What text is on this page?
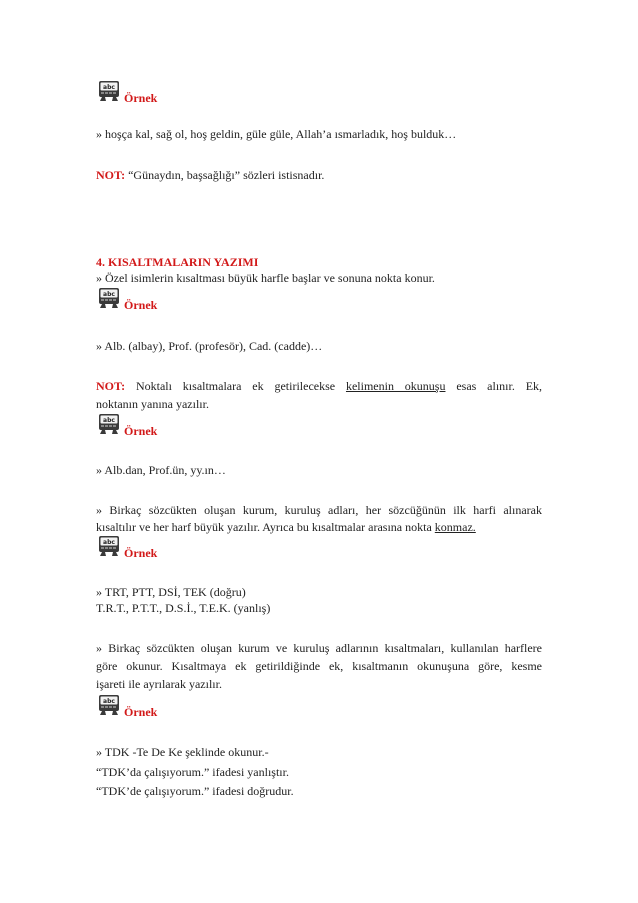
abc
Örnek
» hoşça kal, sağ ol, hoş geldin, güle güle, Allah’a ısmarladık, hoş bulduk…
NOT: “Günaydın, başsağlığı” sözleri istisnadır.
4. KISALTMALARIN YAZIMI
» Özel isimlerin kısaltması büyük harfle başlar ve sonuna nokta konur.
abc
Örnek
» Alb. (albay), Prof. (profesör), Cad. (cadde)…
NOT: Noktalı kısaltmalara ek getirilecekse kelimenin okunuşu esas alınır. Ek,
noktanın yanına yazılır.
abc
Örnek
» Alb.dan, Prof.ün, yy.ın…
» Birkaç sözcükten oluşan kurum, kuruluş adları, her sözcüğünün ilk harfi alınarak
kısaltılır ve her harf büyük yazılır. Ayrıca bu kısaltmalar arasına nokta konmaz.
abc
Örnek
» TRT, PTT, DSİ, TEK (doğru)
T.R.T., P.T.T., D.S.İ., T.E.K. (yanlış)
» Birkaç sözcükten oluşan kurum ve kuruluş adlarının kısaltmaları, kullanılan harflere
göre okunur. Kısaltmaya ek getirildiğinde ek, kısaltmanın okunuşuna göre, kesme
işareti ile ayrılarak yazılır.
abc
Örnek
» TDK -Te De Ke şeklinde okunur.-
“TDK’da çalışıyorum.” ifadesi yanlıştır.
“TDK’de çalışıyorum.” ifadesi doğrudur.
